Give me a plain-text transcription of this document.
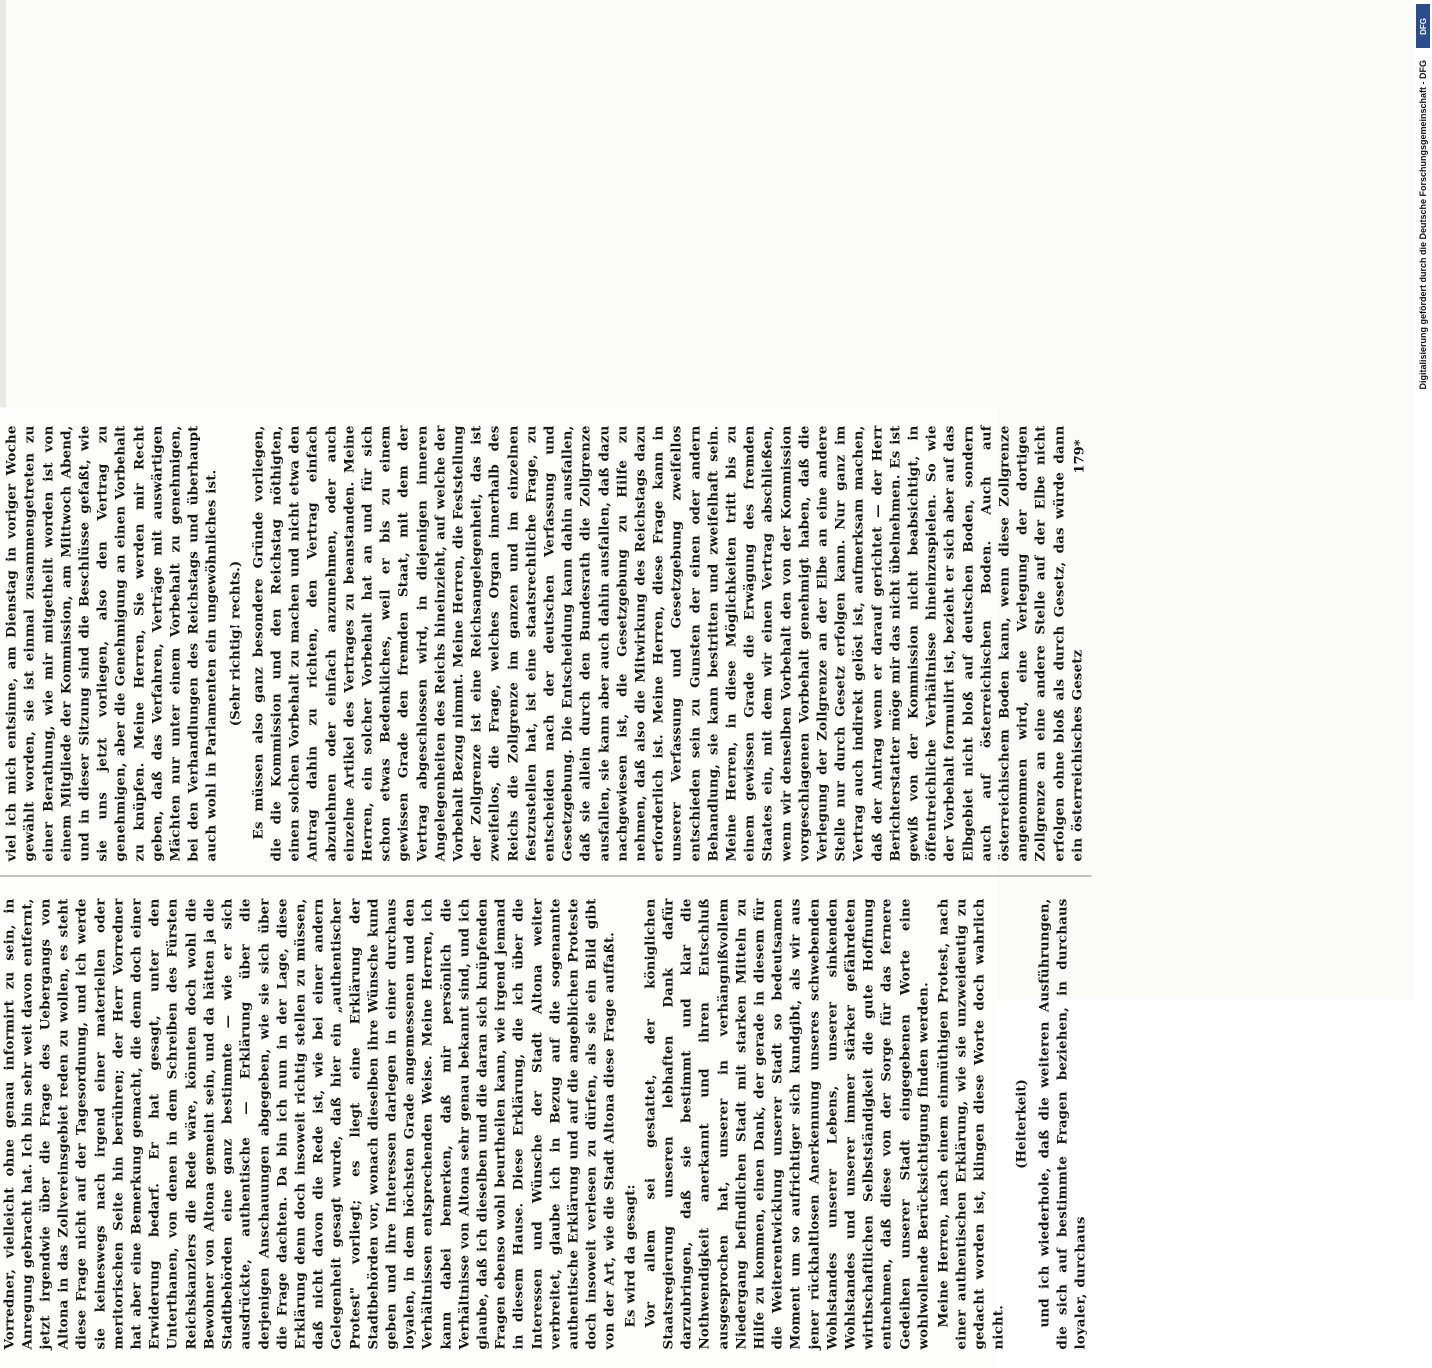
Vorredner, vielleicht ohne genau informirt zu sein, in Anregung gebracht hat. Ich bin sehr weit davon entfernt, jetzt irgendwie über die Frage des Uebergangs von Altona in das Zollvereinsgebiet reden zu wollen, es steht diese Frage nicht auf der Tagesordnung, und ich werde sie keineswegs nach irgend einer materiellen oder meritorischen Seite hin berühren; der Herr Vorredner hat aber eine Bemerkung gemacht, die denn doch einer Erwiderung bedarf. Er hat gesagt, unter den Unterthanen, von denen in dem Schreiben des Fürsten Reichskanzlers die Rede wäre, könnten doch wohl die Bewohner von Altona gemeint sein, und da hätten ja die Stadtbehörden eine ganz bestimmte — wie er sich ausdrückte, authentische — Erklärung über die derjenigen Anschauungen abgegeben, wie sie sich über die Frage dachten. Da bin ich nun in der Lage, diese Erklärung denn doch insoweit richtig stellen zu müssen, daß nicht davon die Rede ist, wie bei einer andern Gelegenheit gesagt wurde, daß hier ein „authentischer Protest" vorliegt; es liegt eine Erklärung der Stadtbehörden vor, wonach dieselben ihre Wünsche kund geben und ihre Interessen darlegen in einer durchaus loyalen, in dem höchsten Grade angemessenen und den Verhältnissen entsprechenden Weise. Meine Herren, ich kann dabei bemerken, daß mir persönlich die Verhältnisse von Altona sehr genau bekannt sind, und ich glaube, daß ich dieselben und die daran sich knüpfenden Fragen ebenso wohl beurtheilen kann, wie irgend jemand in diesem Hause. Diese Erklärung, die ich über die Interessen und Wünsche der Stadt Altona weiter verbreitet, glaube ich in Bezug auf die sogenannte authentische Erklärung und auf die angeblichen Proteste doch insoweit verlesen zu dürfen, als sie ein Bild gibt von der Art, wie die Stadt Altona diese Frage auffaßt.

Es wird da gesagt: Vor allem sei gestattet, der königlichen Staatsregierung unseren lebhaften Dank dafür darzubringen, daß sie bestimmt und klar die Nothwendigkeit anerkannt und ihren Entschluß ausgesprochen hat, unserer in verhängnißvollem Niedergang befindlichen Stadt mit starken Mitteln zu Hilfe zu kommen, einen Dank, der gerade in diesem für die Weiterentwicklung unserer Stadt so bedeutsamen Moment um so aufrichtiger sich kundgibt, als wir aus jener rückhaltlosen Anerkennung unseres schwebenden Wohlstandes unserer Lebens, unserer sinkenden Wohlstandes und unserer immer stärker gefährdeten wirthschaftlichen Selbstständigkeit die gute Hoffnung entnehmen, daß diese von der Sorge für das fernere Gedeihen unserer Stadt eingegebenen Worte eine wohlwollende Berücksichtigung finden werden. Meine Herren, nach einem einmüthigen Protest, nach einer authentischen Erklärung, wie sie unzweideutig zu gedacht worden ist, klingen diese Worte doch wahrlich nicht.

(Heiterkeit) und ich wiederhole, daß die weiteren Ausführungen, die sich auf bestimmte Fragen beziehen, in durchaus loyaler, durchaus

viel ich mich entsinne, am Dienstag in voriger Woche gewählt worden, sie ist einmal zusammengetreten zu einer Berathung, wie mir mitgetheilt worden ist von einem Mitgliede der Kommission, am Mittwoch Abend, und in dieser Sitzung sind die Beschlüsse gefaßt, wie sie uns jetzt vorliegen, also den Vertrag zu genehmigen, aber die Genehmigung an einen Vorbehalt zu knüpfen. Meine Herren, Sie werden mir Recht geben, daß das Verfahren, Verträge mit auswärtigen Mächten nur unter einem Vorbehalt zu genehmigen, bei den Verhandlungen des Reichstags und überhaupt auch wohl in Parlamenten ein ungewöhnliches ist.

(Sehr richtig! rechts.) Es müssen also ganz besondere Gründe vorliegen, die die Kommission und den Reichstag nöthigten, einen solchen Vorbehalt zu machen und nicht etwa den Antrag dahin zu richten, den Vertrag einfach abzulehnen oder einfach anzunehmen, oder auch einzelne Artikel des Vertrages zu beanstanden. Meine Herren, ein solcher Vorbehalt hat an und für sich schon etwas Bedenkliches, weil er bis zu einem gewissen Grade den fremden Staat, mit dem der Vertrag abgeschlossen wird, in diejenigen inneren Angelegenheiten des Reichs hineinzieht, auf welche der Vorbehalt Bezug nimmt. Meine Herren, die Feststellung der Zollgrenze ist eine Reichsangelegenheit, das ist zweifellos, die Frage, welches Organ innerhalb des Reichs die Zollgrenze im ganzen und im einzelnen festzustellen hat, ist eine staatsrechtliche Frage, zu entscheiden nach der deutschen Verfassung und Gesetzgebung. Die Entscheidung kann dahin ausfallen, daß sie allein durch den Bundesrath die Zollgrenze ausfallen, sie kann aber auch dahin ausfallen, daß dazu nachgewiesen ist, die Gesetzgebung zu Hilfe zu nehmen, daß also die Mitwirkung des Reichstags dazu erforderlich ist. Meine Herren, diese Frage kann in unserer Verfassung und Gesetzgebung zweifellos entschieden sein zu Gunsten der einen oder andern Behandlung, sie kann bestritten und zweifelhaft sein. Meine Herren, in diese Möglichkeiten tritt bis zu einem gewissen Grade die Erwägung des fremden Staates ein, mit dem wir einen Vertrag abschließen, wenn wir denselben Vorbehalt den von der Kommission vorgeschlagenen Vorbehalt genehmigt haben, daß die Verlegung der Zollgrenze an der Elbe an eine andere Stelle nur durch Gesetz erfolgen kann. Nur ganz im Vertrag auch indirekt gelöst ist, aufmerksam machen, daß der Antrag wenn er darauf gerichtet — der Herr Berichterstatter möge mir das nicht übelnehmen. Es ist gewiß von der Kommission nicht beabsichtigt, in öffentreichliche Verhältnisse hineinzuspielen. So wie der Vorbehalt formulirt ist, bezieht er sich aber auf das Elbgebiet nicht bloß auf deutschen Boden, sondern auch auf österreichischen Boden. Auch auf österreichischem Boden kann, wenn diese Zollgrenze angenommen wird, eine Verlegung der dortigen Zollgrenze an eine andere Stelle auf der Elbe nicht erfolgen ohne bloß als durch Gesetz, das würde dann ein österreichisches Gesetz

179*
DFG
Digitalisierung gefördert durch die Deutsche Forschungsgemeinschaft - DFG
